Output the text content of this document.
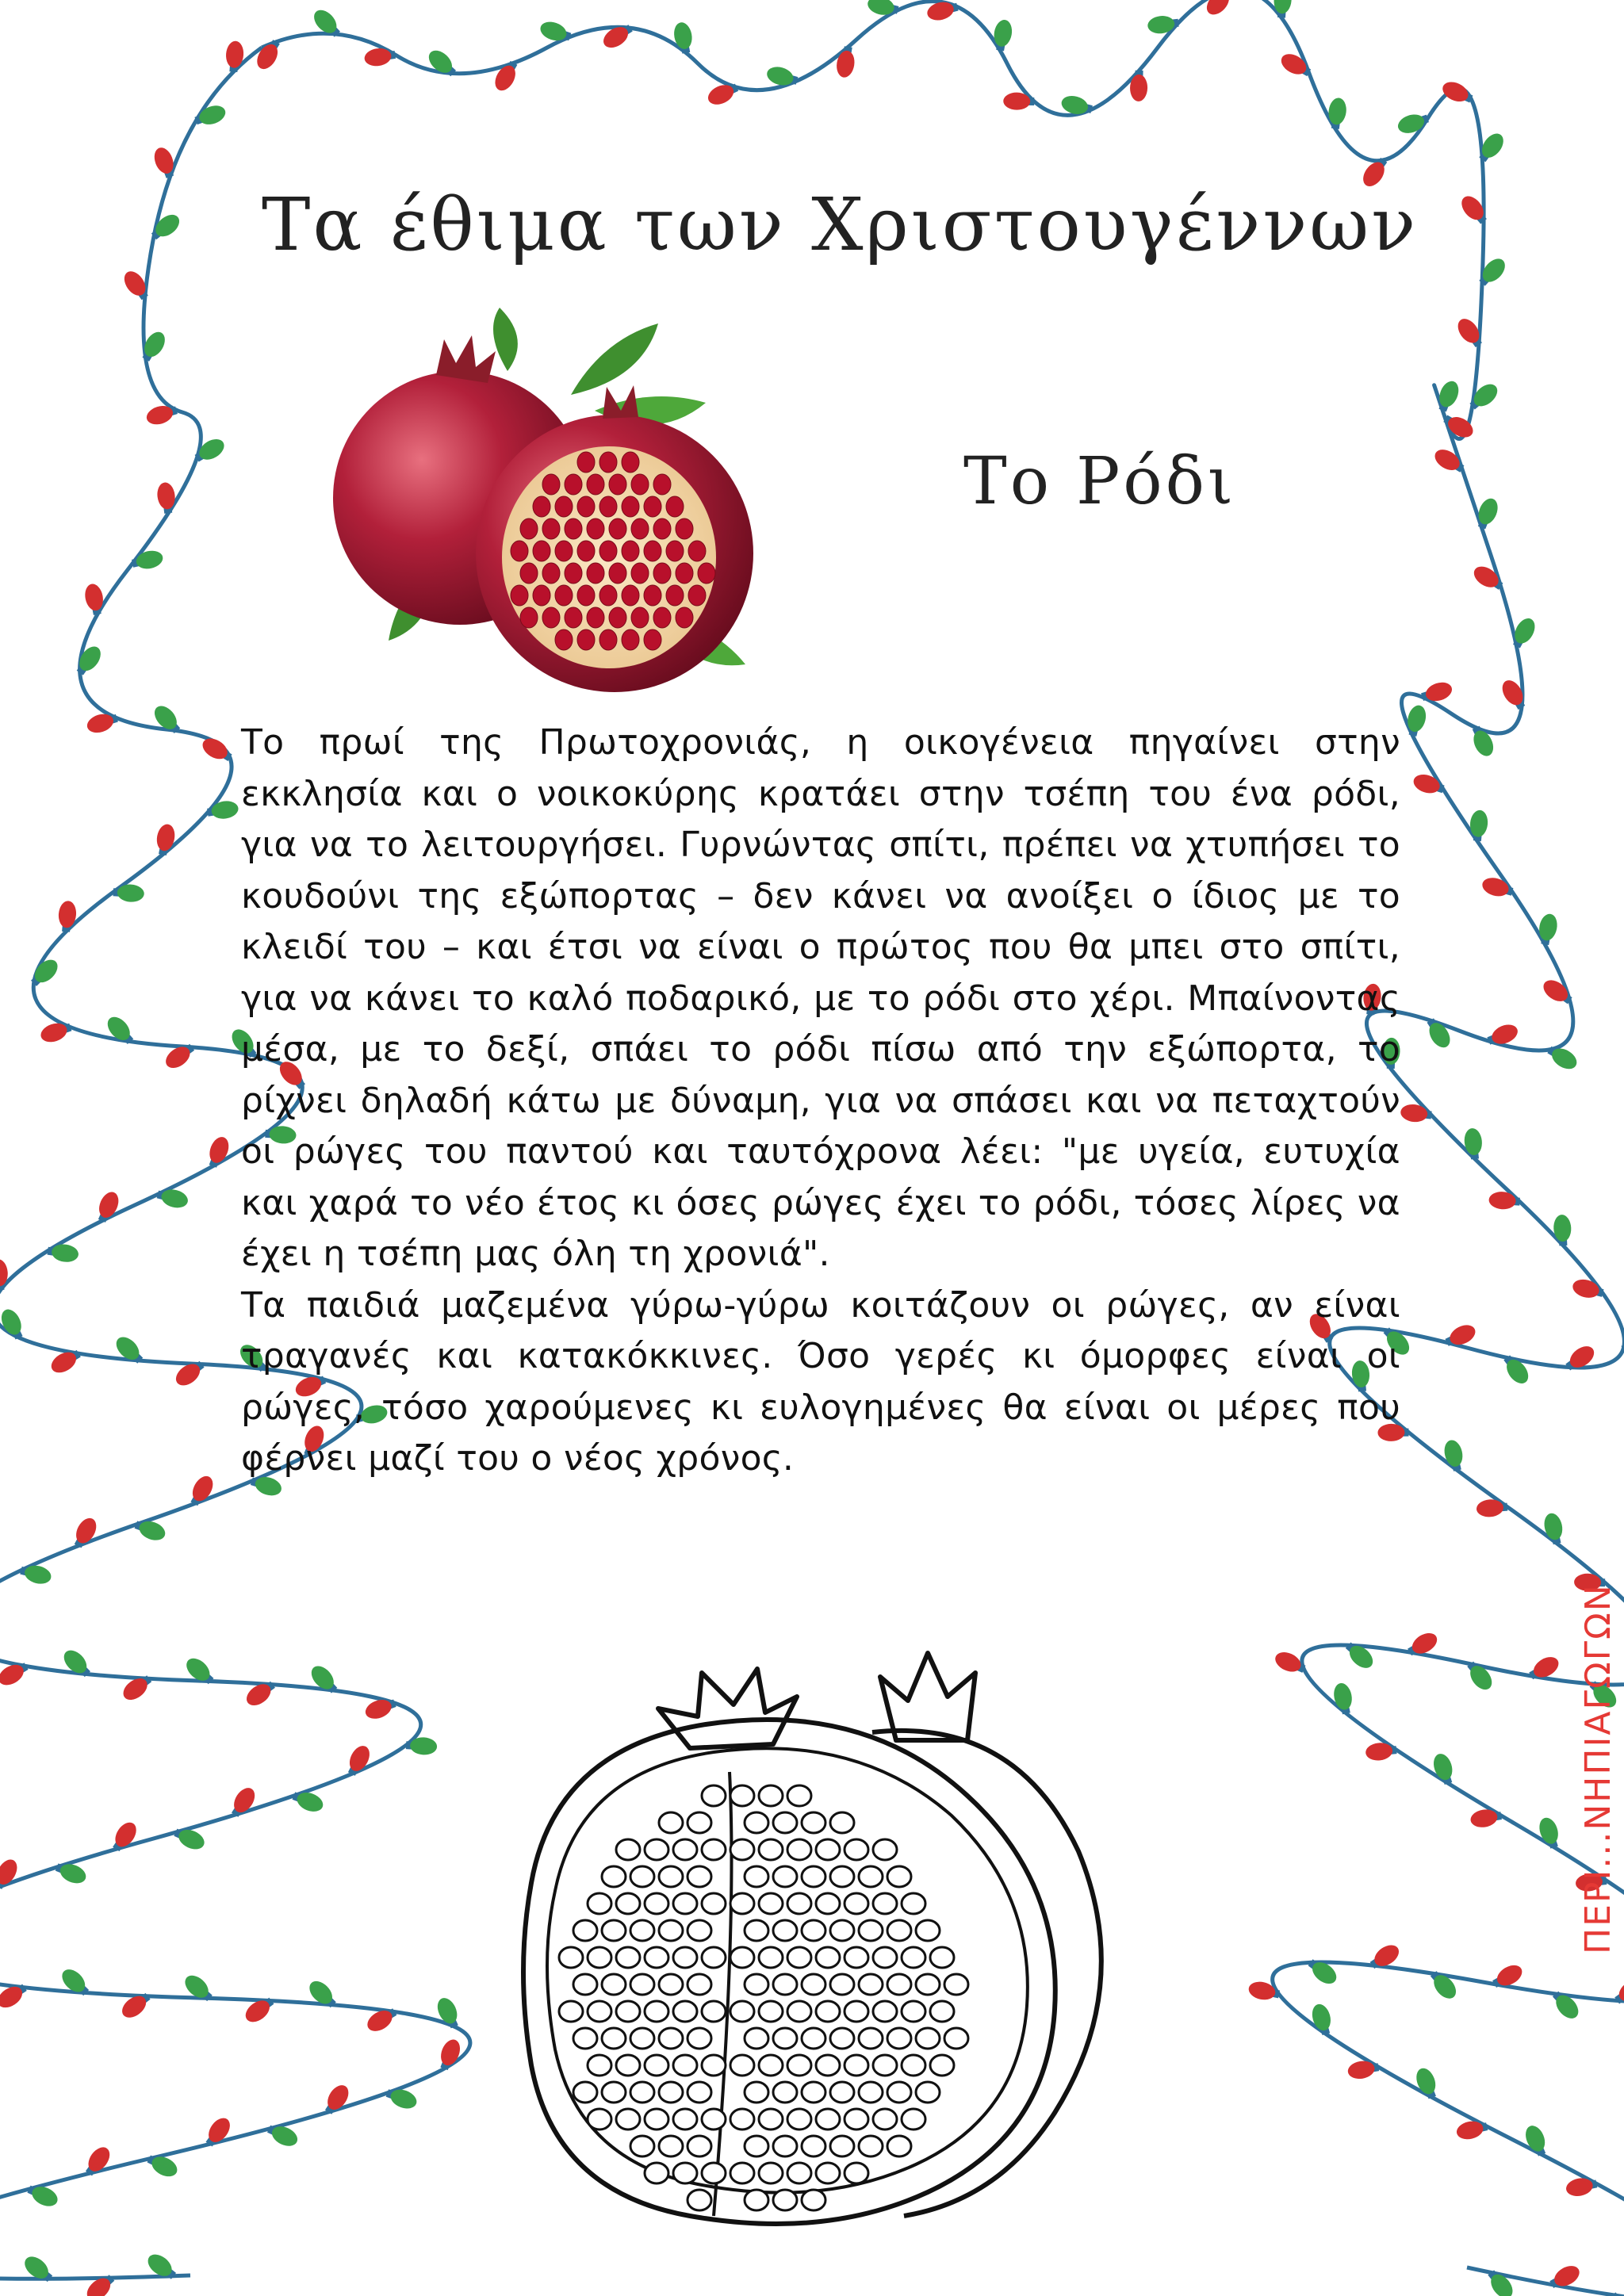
Τα έθιμα των Χριστουγέννων
Το Ρόδι

Το πρωί της Πρωτοχρονιάς, η οικογένεια πηγαίνει στην εκκλησία και ο νοικοκύρης κρατάει στην τσέπη του ένα ρόδι, για να το λειτουργήσει. Γυρνώντας σπίτι, πρέπει να χτυπήσει το κουδούνι της εξώπορτας – δεν κάνει να ανοίξει ο ίδιος με το κλειδί του – και έτσι να είναι ο πρώτος που θα μπει στο σπίτι, για να κάνει το καλό ποδαρικό, με το ρόδι στο χέρι. Μπαίνοντας μέσα, με το δεξί, σπάει το ρόδι πίσω από την εξώπορτα, το ρίχνει δηλαδή κάτω με δύναμη, για να σπάσει και να πεταχτούν οι ρώγες του παντού και ταυτόχρονα λέει: "με υγεία, ευτυχία και χαρά το νέο έτος κι όσες ρώγες έχει το ρόδι, τόσες λίρες να έχει η τσέπη μας όλη τη χρονιά".

Τα παιδιά μαζεμένα γύρω-γύρω κοιτάζουν οι ρώγες, αν είναι τραγανές και κατακόκκινες. Όσο γερές κι όμορφες είναι οι ρώγες, τόσο χαρούμενες κι ευλογημένες θα είναι οι μέρες που φέρνει μαζί του ο νέος χρόνος.

ΠΕΡΙ...ΝΗΠΙΑΓΩΓΩΝ
